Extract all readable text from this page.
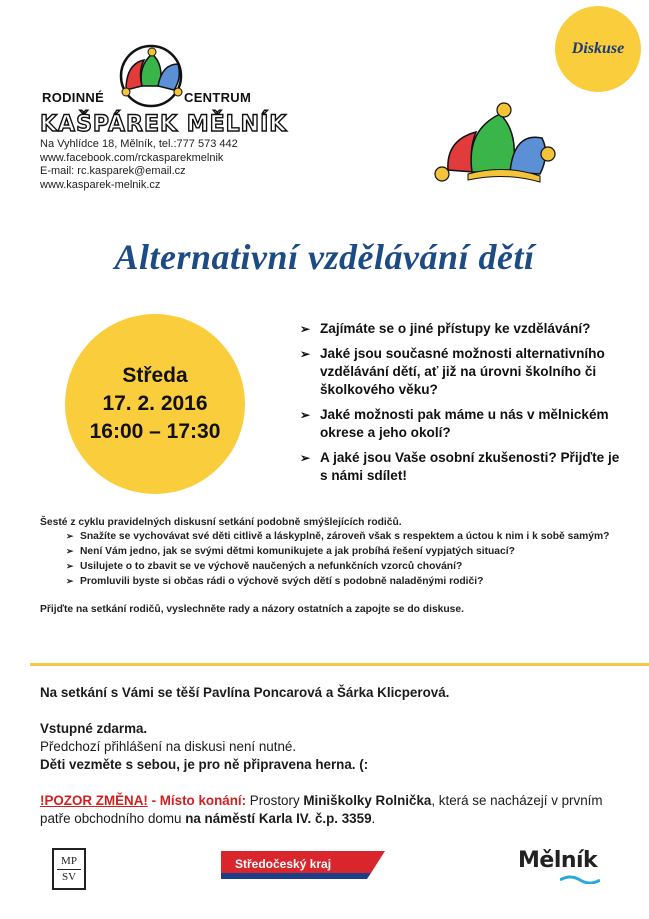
RODINNÉ	CENTRUM
KAŠPÁREK MĚLNÍK
Na Vyhlídce 18, Mělník, tel.:777 573 442
www.facebook.com/rckasparekmelnik
E-mail: rc.kasparek@email.cz
www.kasparek-melnik.cz
Diskuse
Alternativní vzdělávání dětí
Středa
17. 2. 2016
16:00 – 17:30
➢ Zajímáte se o jiné přístupy ke vzdělávání?
➢ Jaké jsou současné možnosti alternativního vzdělávání dětí, ať již na úrovni školního či školkového věku?
➢ Jaké možnosti pak máme u nás v mělnickém okrese a jeho okolí?
➢ A jaké jsou Vaše osobní zkušenosti? Přijďte je s námi sdílet!
Šesté z cyklu pravidelných diskusní setkání podobně smýšlejících rodičů.
➢ Snažíte se vychovávat své děti citlivě a láskyplně, zároveň však s respektem a úctou k nim i k sobě samým?
➢ Není Vám jedno, jak se svými dětmi komunikujete a jak probíhá řešení vypjatých situací?
➢ Usilujete o to zbavit se ve výchově naučených a nefunkčních vzorců chování?
➢ Promluvili byste si občas rádi o výchově svých dětí s podobně naladěnými rodiči?
Přijďte na setkání rodičů, vyslechněte rady a názory ostatních a zapojte se do diskuse.
Na setkání s Vámi se těší Pavlína Poncarová a Šárka Klicperová.
Vstupné zdarma.
Předchozí přihlášení na diskusi není nutné.
Děti vezměte s sebou, je pro ně připravena herna. (:
!POZOR ZMĚNA! - Místo konání: Prostory Miniškolky Rolnička, která se nacházejí v prvním patře obchodního domu na náměstí Karla IV. č.p. 3359.
MP
SV
Středočeský kraj	Mělník
